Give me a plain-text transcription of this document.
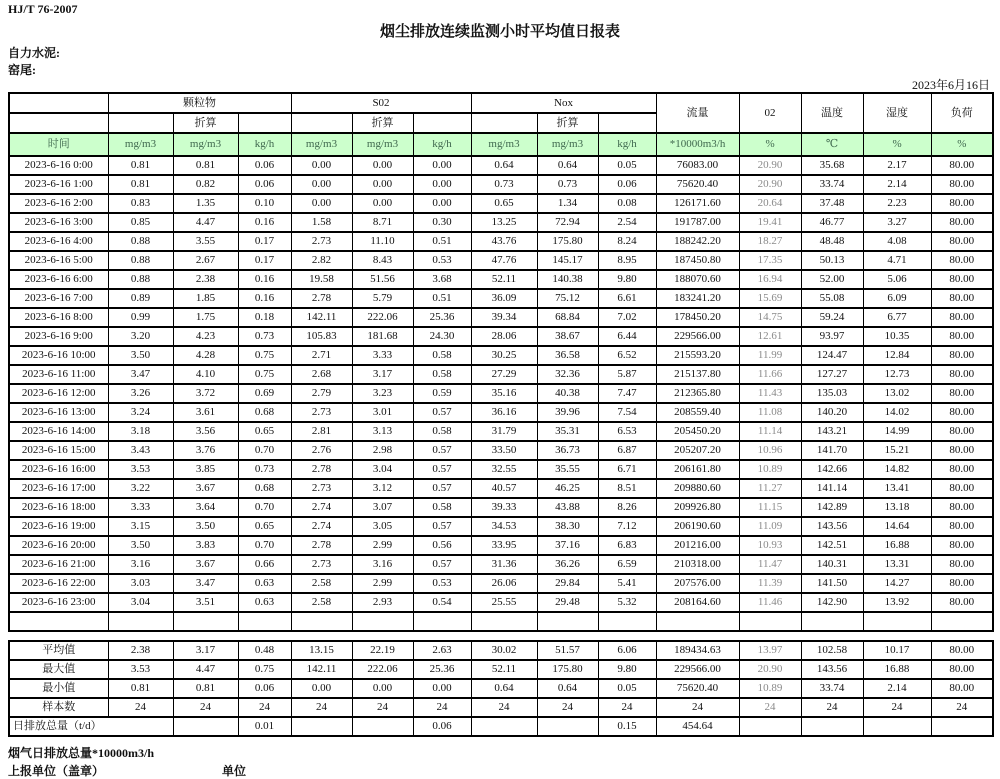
HJ/T 76-2007
烟尘排放连续监测小时平均值日报表
自力水泥:
窑尾:
2023年6月16日
	颗粒物			S02			Nox			流量	02	温度	湿度	负荷
		折算			折算			折算						
时间	mg/m3	mg/m3	kg/h	mg/m3	mg/m3	kg/h	mg/m3	mg/m3	kg/h	*10000m3/h	%	℃	%	%
2023-6-16 0:00	0.81	0.81	0.06	0.00	0.00	0.00	0.64	0.64	0.05	76083.00	20.90	35.68	2.17	80.00
2023-6-16 1:00	0.81	0.82	0.06	0.00	0.00	0.00	0.73	0.73	0.06	75620.40	20.90	33.74	2.14	80.00
2023-6-16 2:00	0.83	1.35	0.10	0.00	0.00	0.00	0.65	1.34	0.08	126171.60	20.64	37.48	2.23	80.00
2023-6-16 3:00	0.85	4.47	0.16	1.58	8.71	0.30	13.25	72.94	2.54	191787.00	19.41	46.77	3.27	80.00
2023-6-16 4:00	0.88	3.55	0.17	2.73	11.10	0.51	43.76	175.80	8.24	188242.20	18.27	48.48	4.08	80.00
2023-6-16 5:00	0.88	2.67	0.17	2.82	8.43	0.53	47.76	145.17	8.95	187450.80	17.35	50.13	4.71	80.00
2023-6-16 6:00	0.88	2.38	0.16	19.58	51.56	3.68	52.11	140.38	9.80	188070.60	16.94	52.00	5.06	80.00
2023-6-16 7:00	0.89	1.85	0.16	2.78	5.79	0.51	36.09	75.12	6.61	183241.20	15.69	55.08	6.09	80.00
2023-6-16 8:00	0.99	1.75	0.18	142.11	222.06	25.36	39.34	68.84	7.02	178450.20	14.75	59.24	6.77	80.00
2023-6-16 9:00	3.20	4.23	0.73	105.83	181.68	24.30	28.06	38.67	6.44	229566.00	12.61	93.97	10.35	80.00
2023-6-16 10:00	3.50	4.28	0.75	2.71	3.33	0.58	30.25	36.58	6.52	215593.20	11.99	124.47	12.84	80.00
2023-6-16 11:00	3.47	4.10	0.75	2.68	3.17	0.58	27.29	32.36	5.87	215137.80	11.66	127.27	12.73	80.00
2023-6-16 12:00	3.26	3.72	0.69	2.79	3.23	0.59	35.16	40.38	7.47	212365.80	11.43	135.03	13.02	80.00
2023-6-16 13:00	3.24	3.61	0.68	2.73	3.01	0.57	36.16	39.96	7.54	208559.40	11.08	140.20	14.02	80.00
2023-6-16 14:00	3.18	3.56	0.65	2.81	3.13	0.58	31.79	35.31	6.53	205450.20	11.14	143.21	14.99	80.00
2023-6-16 15:00	3.43	3.76	0.70	2.76	2.98	0.57	33.50	36.73	6.87	205207.20	10.96	141.70	15.21	80.00
2023-6-16 16:00	3.53	3.85	0.73	2.78	3.04	0.57	32.55	35.55	6.71	206161.80	10.89	142.66	14.82	80.00
2023-6-16 17:00	3.22	3.67	0.68	2.73	3.12	0.57	40.57	46.25	8.51	209880.60	11.27	141.14	13.41	80.00
2023-6-16 18:00	3.33	3.64	0.70	2.74	3.07	0.58	39.33	43.88	8.26	209926.80	11.15	142.89	13.18	80.00
2023-6-16 19:00	3.15	3.50	0.65	2.74	3.05	0.57	34.53	38.30	7.12	206190.60	11.09	143.56	14.64	80.00
2023-6-16 20:00	3.50	3.83	0.70	2.78	2.99	0.56	33.95	37.16	6.83	201216.00	10.93	142.51	16.88	80.00
2023-6-16 21:00	3.16	3.67	0.66	2.73	3.16	0.57	31.36	36.26	6.59	210318.00	11.47	140.31	13.31	80.00
2023-6-16 22:00	3.03	3.47	0.63	2.58	2.99	0.53	26.06	29.84	5.41	207576.00	11.39	141.50	14.27	80.00
2023-6-16 23:00	3.04	3.51	0.63	2.58	2.93	0.54	25.55	29.48	5.32	208164.60	11.46	142.90	13.92	80.00

平均值	2.38	3.17	0.48	13.15	22.19	2.63	30.02	51.57	6.06	189434.63	13.97	102.58	10.17	80.00
最大值	3.53	4.47	0.75	142.11	222.06	25.36	52.11	175.80	9.80	229566.00	20.90	143.56	16.88	80.00
最小值	0.81	0.81	0.06	0.00	0.00	0.00	0.64	0.64	0.05	75620.40	10.89	33.74	2.14	80.00
样本数	24	24	24	24	24	24	24	24	24	24	24	24	24	24
日排放总量（t/d）			0.01			0.06			0.15	454.64				
烟气日排放总量*10000m3/h
上报单位（盖章）	单位
